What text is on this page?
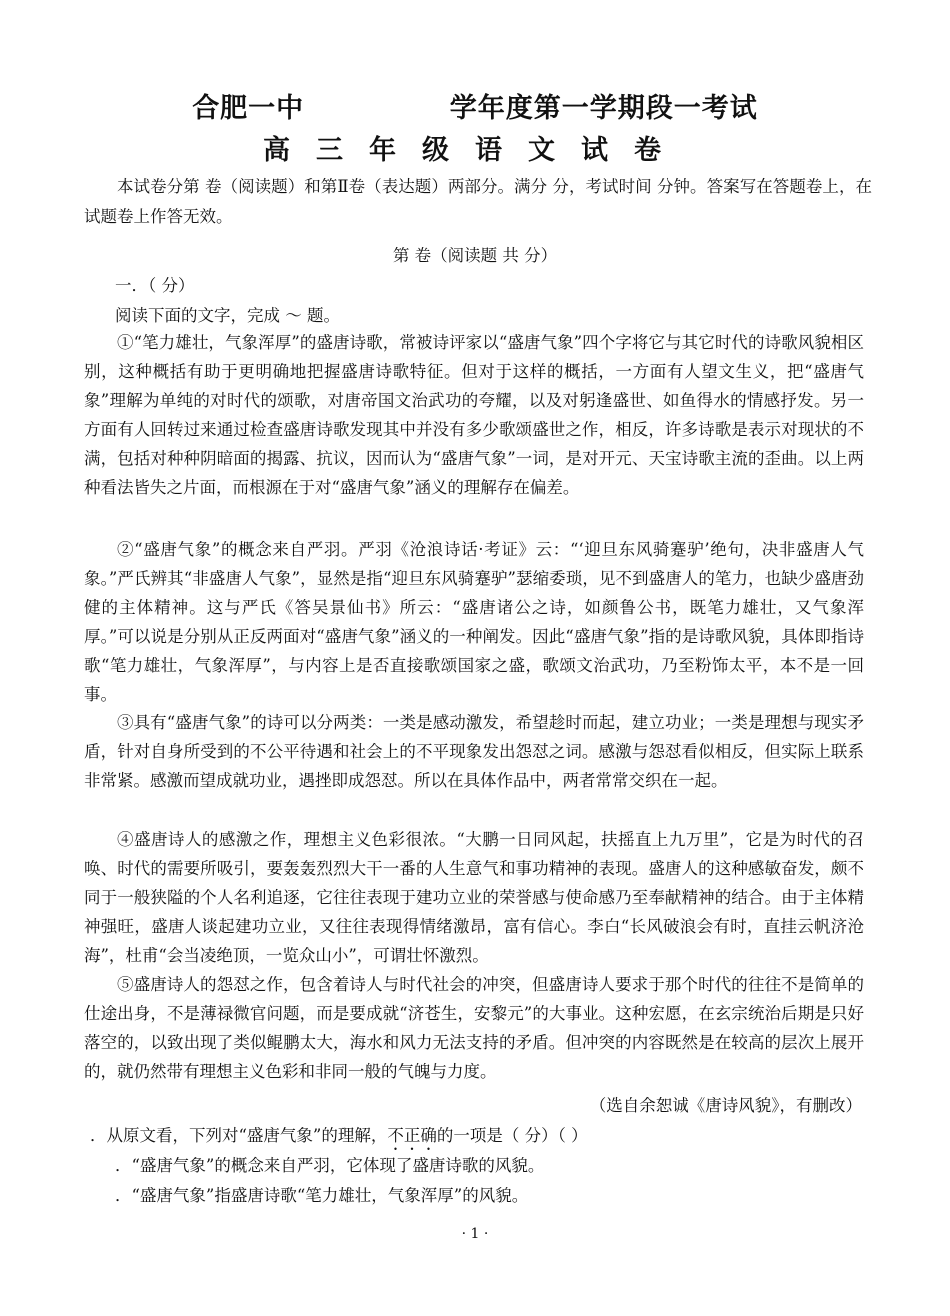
合肥一中              学年度第一学期段一考试
高三年级语文试卷
本试卷分第 卷（阅读题）和第Ⅱ卷（表达题）两部分。满分 分，考试时间 分钟。答案写在答题卷上，在试题卷上作答无效。
第 卷（阅读题 共 分）
一．（ 分）
阅读下面的文字，完成 ～ 题。
①“笔力雄壮，气象浑厚”的盛唐诗歌，常被诗评家以“盛唐气象”四个字将它与其它时代的诗歌风貌相区别，这种概括有助于更明确地把握盛唐诗歌特征。但对于这样的概括，一方面有人望文生义，把“盛唐气象”理解为单纯的对时代的颂歌，对唐帝国文治武功的夸耀，以及对躬逢盛世、如鱼得水的情感抒发。另一方面有人回转过来通过检查盛唐诗歌发现其中并没有多少歌颂盛世之作，相反，许多诗歌是表示对现状的不满，包括对种种阴暗面的揭露、抗议，因而认为“盛唐气象”一词，是对开元、天宝诗歌主流的歪曲。以上两种看法皆失之片面，而根源在于对“盛唐气象”涵义的理解存在偏差。
②“盛唐气象”的概念来自严羽。严羽《沧浪诗话·考证》云：“‘迎旦东风骑蹇驴’绝句，决非盛唐人气象。”严氏辨其“非盛唐人气象”，显然是指“迎旦东风骑蹇驴”瑟缩委琐，见不到盛唐人的笔力，也缺少盛唐劲健的主体精神。这与严氏《答吴景仙书》所云：“盛唐诸公之诗，如颜鲁公书，既笔力雄壮，又气象浑厚。”可以说是分别从正反两面对“盛唐气象”涵义的一种阐发。因此“盛唐气象”指的是诗歌风貌，具体即指诗歌“笔力雄壮，气象浑厚”，与内容上是否直接歌颂国家之盛，歌颂文治武功，乃至粉饰太平，本不是一回事。
③具有“盛唐气象”的诗可以分两类：一类是感动激发，希望趁时而起，建立功业；一类是理想与现实矛盾，针对自身所受到的不公平待遇和社会上的不平现象发出怨怼之词。感激与怨怼看似相反，但实际上联系非常紧。感激而望成就功业，遇挫即成怨怼。所以在具体作品中，两者常常交织在一起。
④盛唐诗人的感激之作，理想主义色彩很浓。“大鹏一日同风起，扶摇直上九万里”，它是为时代的召唤、时代的需要所吸引，要轰轰烈烈大干一番的人生意气和事功精神的表现。盛唐人的这种感敏奋发，颇不同于一般狭隘的个人名利追逐，它往往表现于建功立业的荣誉感与使命感乃至奉献精神的结合。由于主体精神强旺，盛唐人谈起建功立业，又往往表现得情绪激昂，富有信心。李白“长风破浪会有时，直挂云帆济沧海”，杜甫“会当凌绝顶，一览众山小”，可谓壮怀激烈。
⑤盛唐诗人的怨怼之作，包含着诗人与时代社会的冲突，但盛唐诗人要求于那个时代的往往不是简单的仕途出身，不是薄禄微官问题，而是要成就“济苍生，安黎元”的大事业。这种宏愿，在玄宗统治后期是只好落空的，以致出现了类似鲲鹏太大，海水和风力无法支持的矛盾。但冲突的内容既然是在较高的层次上展开的，就仍然带有理想主义色彩和非同一般的气魄与力度。
（选自余恕诚《唐诗风貌》，有删改）
．从原文看，下列对“盛唐气象”的理解，不正确的一项是（ 分）（ ）
．“盛唐气象”的概念来自严羽，它体现了盛唐诗歌的风貌。
．“盛唐气象”指盛唐诗歌“笔力雄壮，气象浑厚”的风貌。
· 1 ·
